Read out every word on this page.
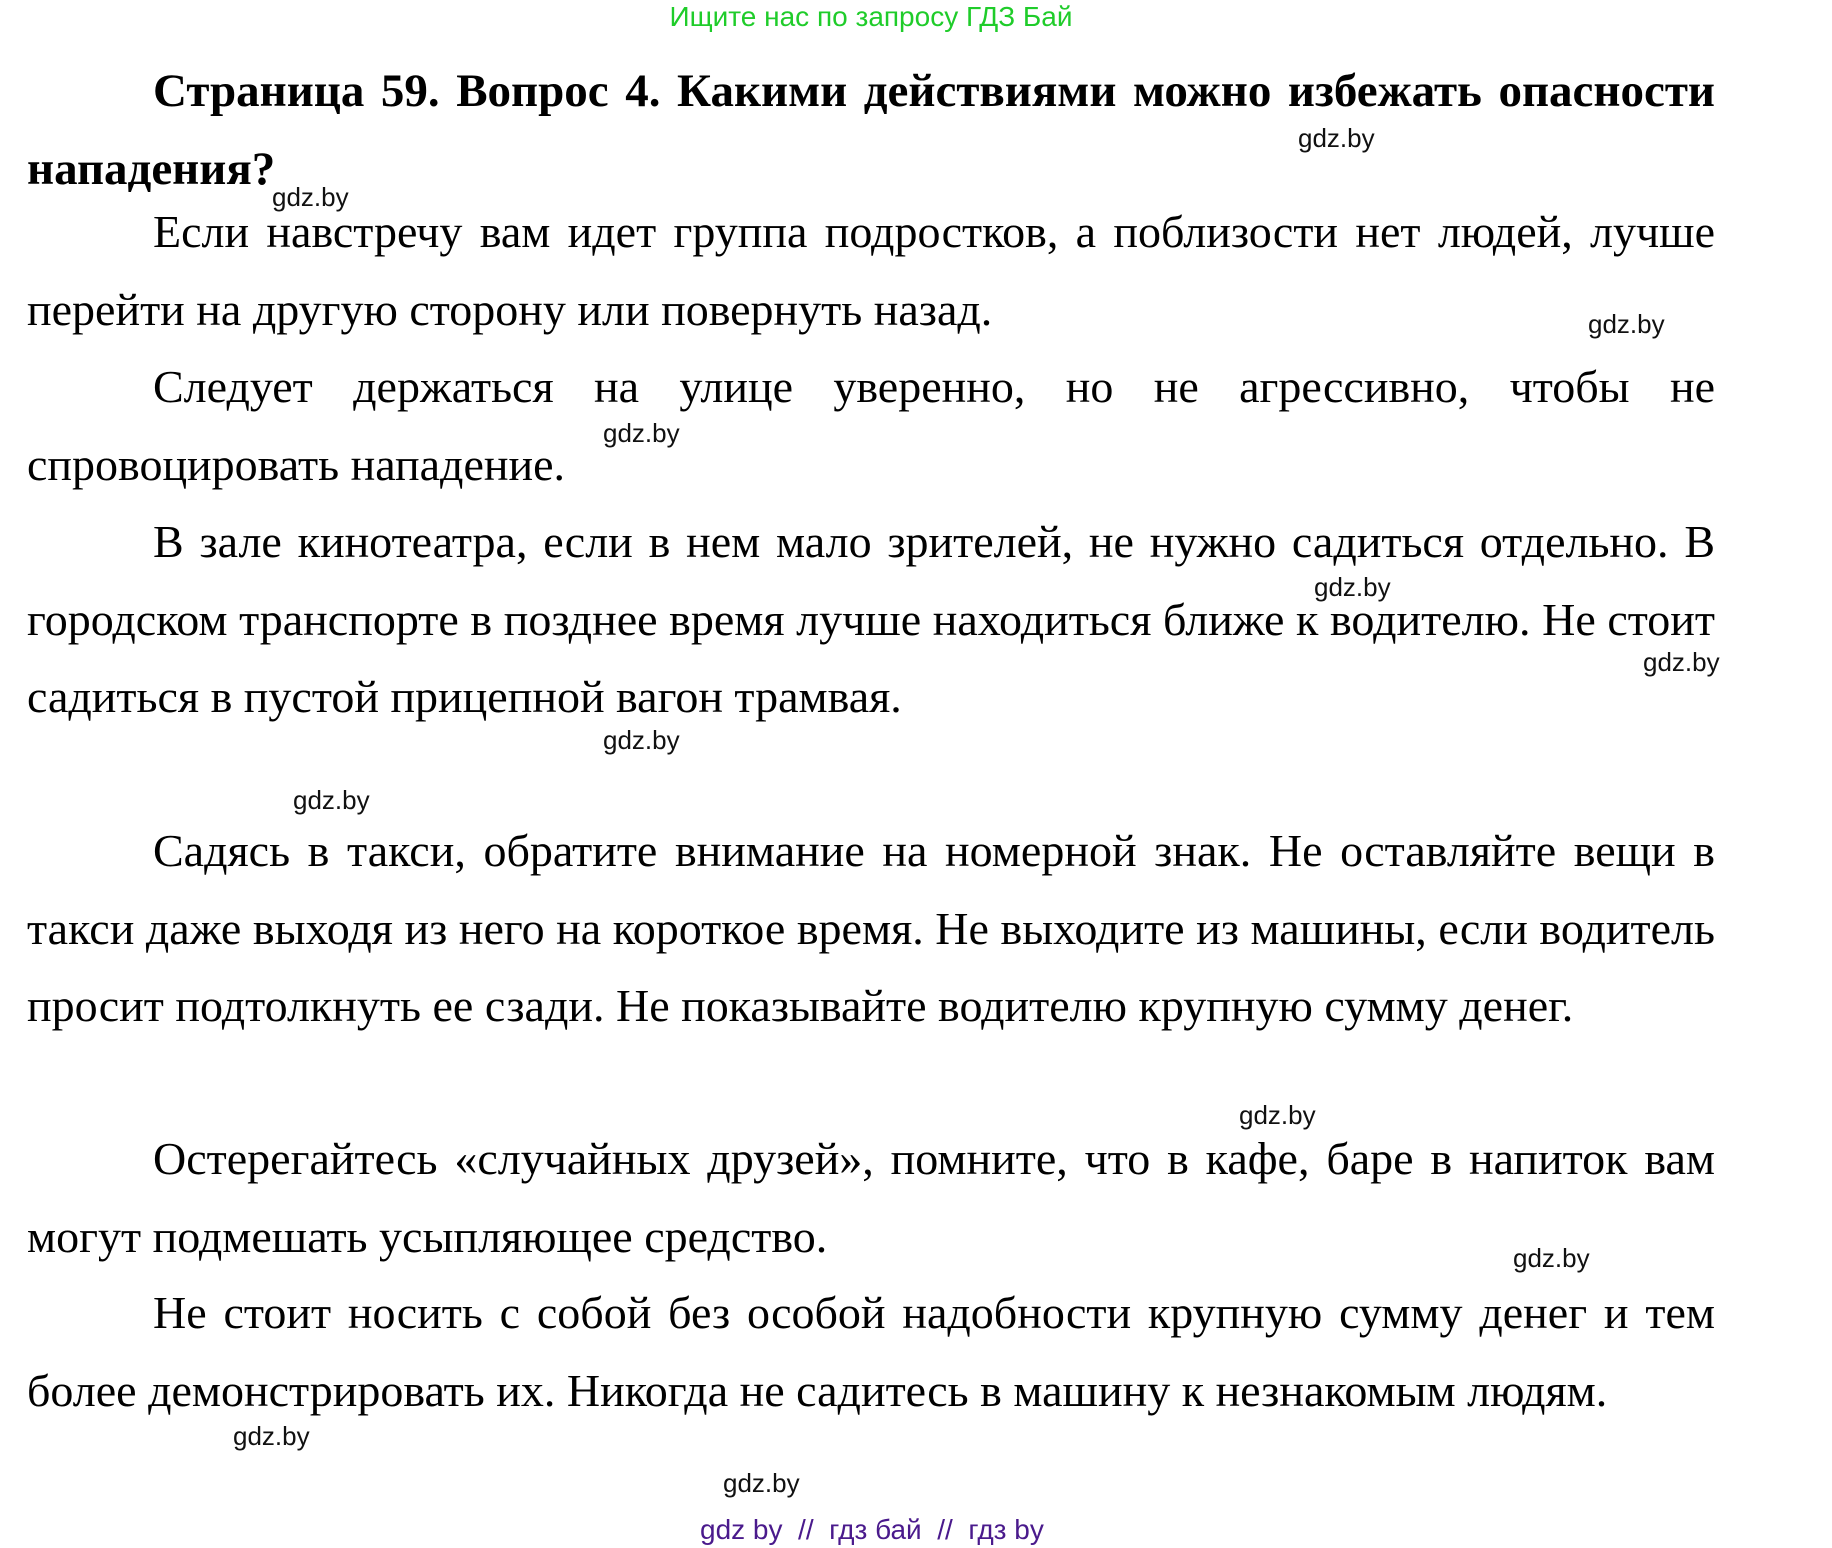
Ищите нас по запросу ГДЗ Бай
Страница 59. Вопрос 4. Какими действиями можно избежать опасности нападения?

Если навстречу вам идет группа подростков, а поблизости нет людей, лучше перейти на другую сторону или повернуть назад.

Следует держаться на улице уверенно, но не агрессивно, чтобы не спровоцировать нападение.

В зале кинотеатра, если в нем мало зрителей, не нужно садиться отдельно. В городском транспорте в позднее время лучше находиться ближе к водителю. Не стоит садиться в пустой прицепной вагон трамвая.

Садясь в такси, обратите внимание на номерной знак. Не оставляйте вещи в такси даже выходя из него на короткое время. Не выходите из машины, если водитель просит подтолкнуть ее сзади. Не показывайте водителю крупную сумму денег.

Остерегайтесь «случайных друзей», помните, что в кафе, баре в напиток вам могут подмешать усыпляющее средство.

Не стоит носить с собой без особой надобности крупную сумму денег и тем более демонстрировать их. Никогда не садитесь в машину к незнакомым людям.

gdz.by
gdz.by
gdz.by
gdz.by
gdz.by
gdz.by
gdz.by
gdz.by
gdz.by
gdz.by
gdz.by
gdz.by
gdz by  //  гдз бай  //  гдз by
